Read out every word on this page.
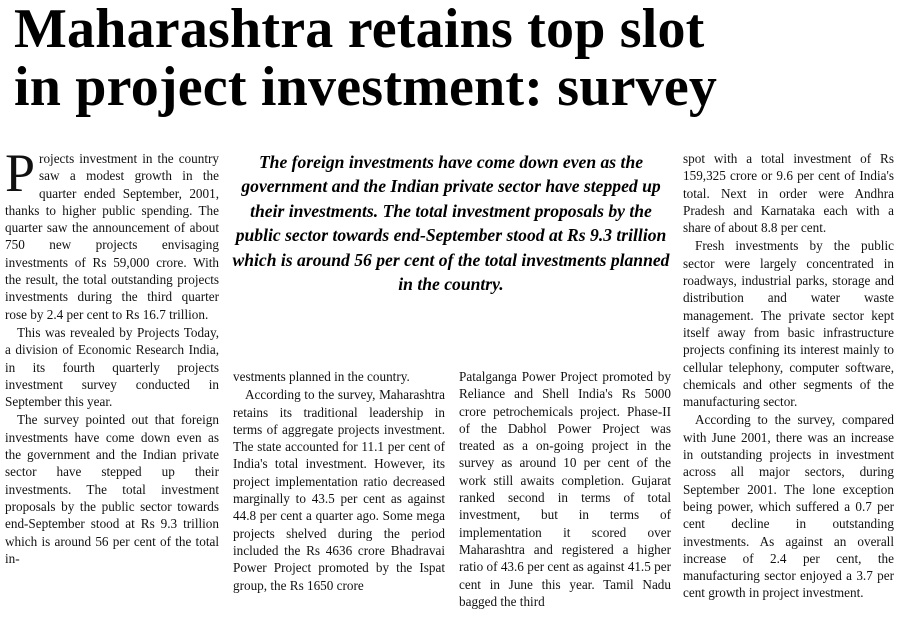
Maharashtra retains top slot
in project investment: survey
The foreign investments have come down even as the government and the Indian private sector have stepped up their investments. The total investment proposals by the public sector towards end-September stood at Rs 9.3 trillion which is around 56 per cent of the total investments planned in the country.

Projects investment in the country saw a modest growth in the quarter ended September, 2001, thanks to higher public spending. The quarter saw the announcement of about 750 new projects envisaging investments of Rs 59,000 crore. With the result, the total outstanding projects investments during the third quarter rose by 2.4 per cent to Rs 16.7 trillion.

This was revealed by Projects Today, a division of Economic Research India, in its fourth quarterly projects investment survey conducted in September this year.

The survey pointed out that foreign investments have come down even as the government and the Indian private sector have stepped up their investments. The total investment proposals by the public sector towards end-September stood at Rs 9.3 trillion which is around 56 per cent of the total in-

vestments planned in the country.

According to the survey, Maharashtra retains its traditional leadership in terms of aggregate projects investment. The state accounted for 11.1 per cent of India's total investment. However, its project implementation ratio decreased marginally to 43.5 per cent as against 44.8 per cent a quarter ago. Some mega projects shelved during the period included the Rs 4636 crore Bhadravai Power Project promoted by the Ispat group, the Rs 1650 crore

Patalganga Power Project promoted by Reliance and Shell India's Rs 5000 crore petrochemicals project. Phase-II of the Dabhol Power Project was treated as a on-going project in the survey as around 10 per cent of the work still awaits completion. Gujarat ranked second in terms of total investment, but in terms of implementation it scored over Maharashtra and registered a higher ratio of 43.6 per cent as against 41.5 per cent in June this year. Tamil Nadu bagged the third

spot with a total investment of Rs 159,325 crore or 9.6 per cent of India's total. Next in order were Andhra Pradesh and Karnataka each with a share of about 8.8 per cent.

Fresh investments by the public sector were largely concentrated in roadways, industrial parks, storage and distribution and water waste management. The private sector kept itself away from basic infrastructure projects confining its interest mainly to cellular telephony, computer software, chemicals and other segments of the manufacturing sector.

According to the survey, compared with June 2001, there was an increase in outstanding projects in investment across all major sectors, during September 2001. The lone exception being power, which suffered a 0.7 per cent decline in outstanding investments. As against an overall increase of 2.4 per cent, the manufacturing sector enjoyed a 3.7 per cent growth in project investment.
